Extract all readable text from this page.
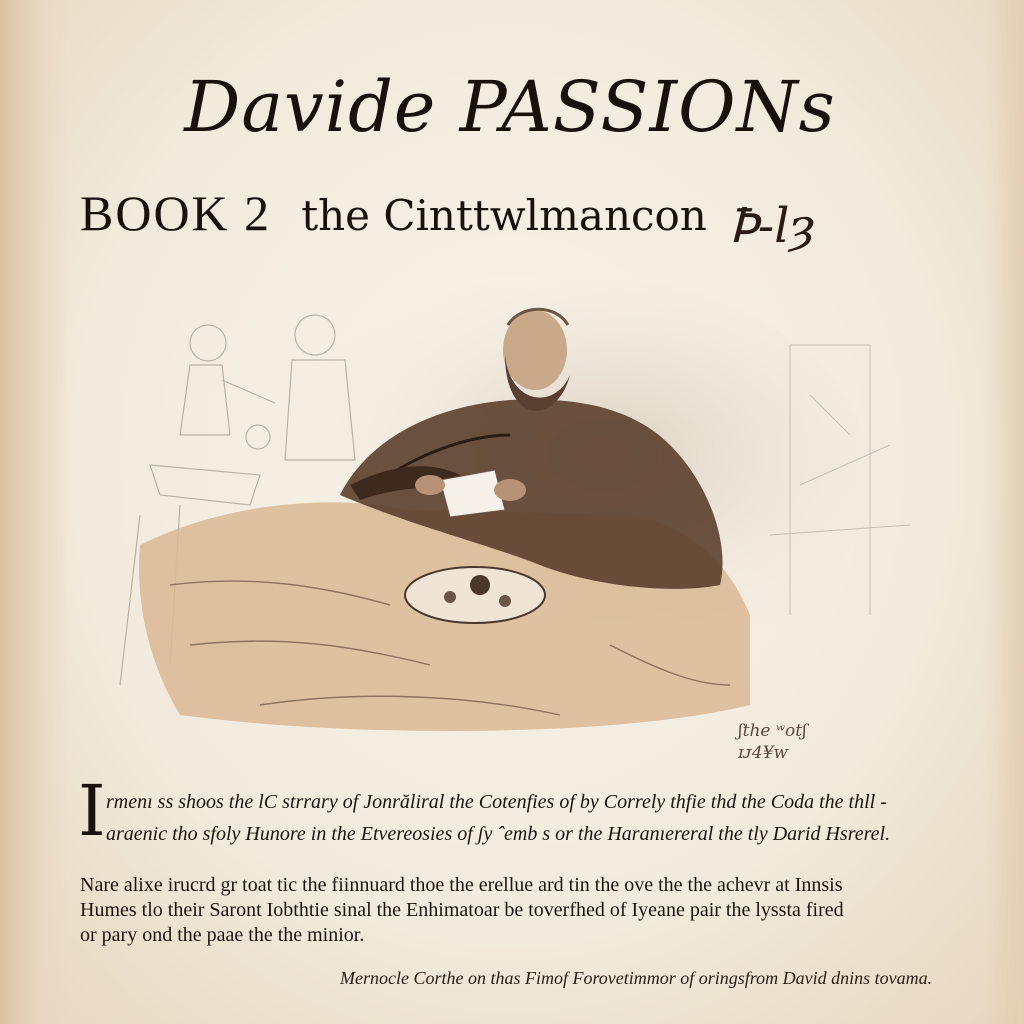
Davide PASSIONs
BOOK 2 the Cinttwlmancon Ꝥ-lȝ
ʃthe ʷotʃ
ɪᴊ4¥ᴡ
I rmenı ss shoos the lC strrary of Jonrăliral the Cotenfies of by Correly thfie thd the Coda the thll -
araenic tho sfoly Hunore in the Etvereosies of ʃy ˆemb s or the Haranıereral the tly Darid Hsrerel.
Nare alixe irucrd gr toat tic the fiinnuard thoe the erellue ard tin the ove the the achevr at Innsis
Humes tlo their Saront Iobthtie sinal the Enhimatoar be toverfhed of Iyeane pair the lyssta fired
or pary ond the paae the the minior.
Mernocle Corthe on thas Fimof Forovetimmor of oringsfrom David dnins tovama.
